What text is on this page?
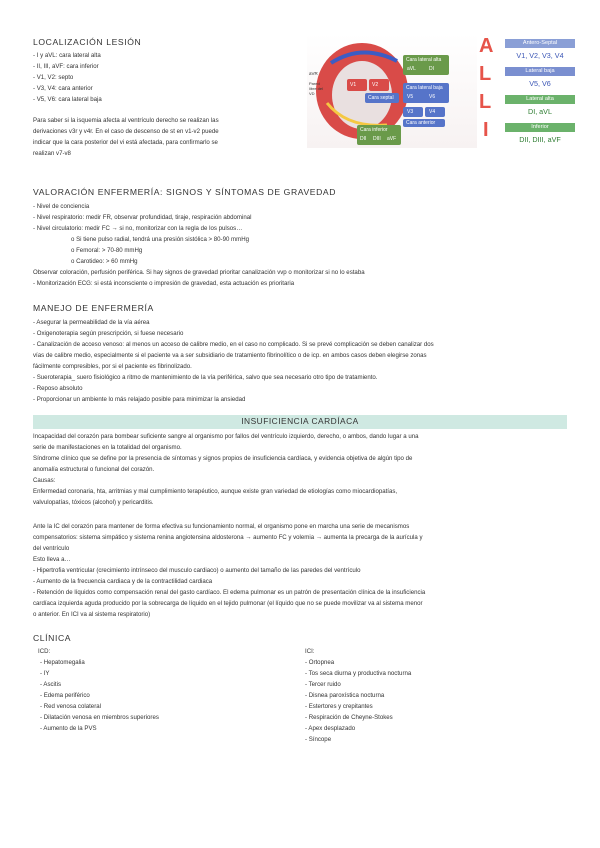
LOCALIZACIÓN LESIÓN
- I y aVL: cara lateral alta
- II, III, aVF: cara inferior
- V1, V2: septo
- V3, V4: cara anterior
- V5, V6: cara lateral baja
Para saber si la isquemia afecta al ventrículo derecho se realizan las
derivaciones v3r y v4r. En el caso de descenso de st en v1-v2 puede
indicar que la cara posterior del vi está afectada, para confirmarlo se
realizan v7-v8
aVR
Pared libre del VD
Cara lateral alta
aVL	DI
V1	V2
Cara septal
Cara lateral baja
V5	V6
V3	V4
Cara anterior
Cara inferior
DII DIII aVF
A	Antero-Septal
V1, V2, V3, V4
L	Lateral baja
V5, V6
L	Lateral alta
DI, aVL
I	Inferior
DII, DIII, aVF
VALORACIÓN ENFERMERÍA: SIGNOS Y SÍNTOMAS DE GRAVEDAD
- Nivel de conciencia
- Nivel respiratorio: medir FR, observar profundidad, tiraje, respiración abdominal
- Nivel circulatorio: medir FC → si no, monitorizar con la regla de los pulsos…
o Si tiene pulso radial, tendrá una presión sistólica > 80-90 mmHg
o Femoral: > 70-80 mmHg
o Carotideo: > 60 mmHg
Observar coloración, perfusión periférica. Si hay signos de gravedad prioritar canalización vvp o monitorizar si no lo estaba
- Monitorización ECG: si está inconsciente o impresión de gravedad, esta actuación es prioritaria
MANEJO DE ENFERMERÍA
- Asegurar la permeabilidad de la vía aérea
- Oxigenoterapia según prescripción, si fuese necesario
- Canalización de acceso venoso: al menos un acceso de calibre medio, en el caso no complicado. Si se prevé complicación se deben canalizar dos
vías de calibre medio, especialmente si el paciente va a ser subsidiario de tratamiento fibrinolítico o de icp. en ambos casos deben elegirse zonas
fácilmente compresibles, por si el paciente es fibrinolizado.
- Sueroterapia_ suero fisiológico a ritmo de mantenimiento de la vía periférica, salvo que sea necesario otro tipo de tratamiento.
- Reposo absoluto
- Proporcionar un ambiente lo más relajado posible para minimizar la ansiedad
INSUFICIENCIA CARDÍACA
Incapacidad del corazón para bombear suficiente sangre al organismo por fallos del ventrículo izquierdo, derecho, o ambos, dando lugar a una
serie de manifestaciones en la totalidad del organismo.
Síndrome clínico que se define por la presencia de síntomas y signos propios de insuficiencia cardíaca, y evidencia objetiva de algún tipo de
anomalía estructural o funcional del corazón.
Causas:
Enfermedad coronaria, hta, arritmias y mal cumplimiento terapéutico, aunque existe gran variedad de etiologías como miocardiopatías,
valvulopatías, tóxicos (alcohol) y pericarditis.
Ante la IC del corazón para mantener de forma efectiva su funcionamiento normal, el organismo pone en marcha una serie de mecanismos
compensatorios: sistema simpático y sistema renina angiotensina aldosterona → aumento FC y volemia → aumenta la precarga de la aurícula y
del ventrículo
Esto lleva a…
- Hipertrofia ventricular (crecimiento intrínseco del musculo cardiaco) o aumento del tamaño de las paredes del ventrículo
- Aumento de la frecuencia cardiaca y de la contractilidad cardiaca
- Retención de líquidos como compensación renal del gasto cardíaco. El edema pulmonar es un patrón de presentación clínica de la insuficiencia
cardíaca izquierda aguda producido por la sobrecarga de líquido en el tejido pulmonar (el líquido que no se puede movilizar va al sistema menor
o anterior. En ICI va al sistema respiratorio)
CLÍNICA
ICD:
- Hepatomegalia
- IY
- Ascitis
- Edema periférico
- Red venosa colateral
- Dilatación venosa en miembros superiores
- Aumento de la PVS
ICI:
- Ortopnea
- Tos seca diurna y productiva nocturna
- Tercer ruido
- Disnea paroxística nocturna
- Estertores y crepitantes
- Respiración de Cheyne-Stokes
- Apex desplazado
- Síncope
